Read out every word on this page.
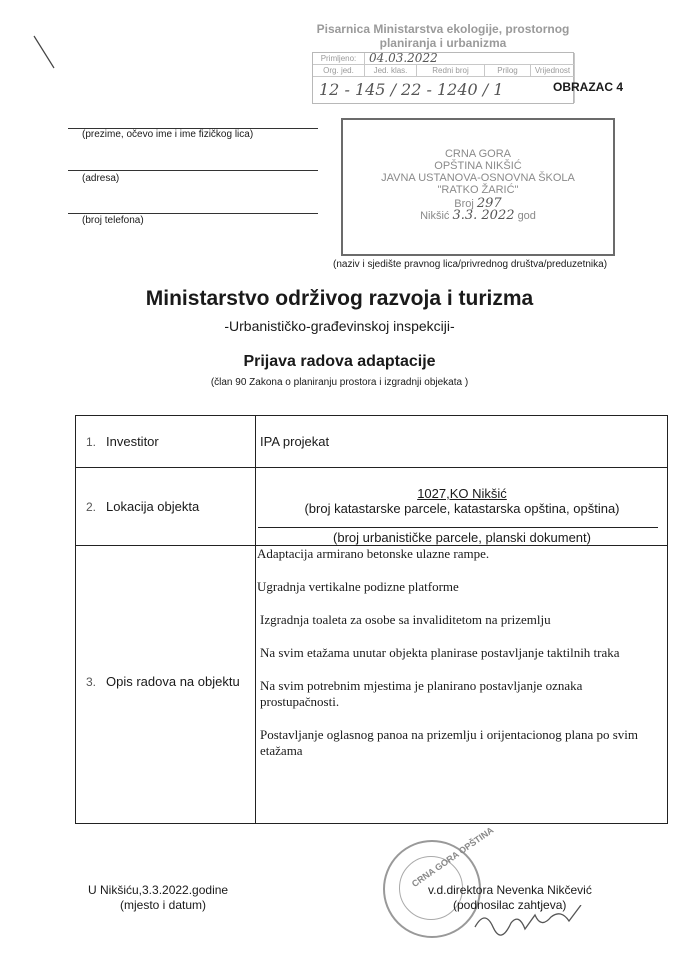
Pisarnica Ministarstva ekologije, prostornog
planiranja i urbanizma
Primljeno:	04.03.2022
Org. jed.	Jed. klas.	Redni broj	Prilog	Vrijednost
12 - 145 / 22 - 1240 / 1	OBRAZAC 4
(prezime, očevo ime i ime fizičkog lica)
(adresa)
(broj telefona)
CRNA GORA
OPŠTINA NIKŠIĆ
JAVNA USTANOVA-OSNOVNA ŠKOLA
"RATKO ŽARIĆ"
Broj 297
Nikšić 3.3. 2022 god
(naziv i sjedište pravnog lica/privrednog društva/preduzetnika)
Ministarstvo održivog razvoja i turizma
-Urbanističko-građevinskoj inspekciji-
Prijava radova adaptacije
(član 90 Zakona o planiranju prostora i izgradnji objekata )
1. Investitor	IPA projekat
2. Lokacija objekta
1027,KO Nikšić
(broj katastarske parcele, katastarska opština, opština)
(broj urbanističke parcele, planski dokument)
3. Opis radova na objektu

Adaptacija armirano betonske ulazne rampe.

Ugradnja vertikalne podizne platforme

Izgradnja toaleta za osobe sa invaliditetom na prizemlju

Na svim etažama unutar objekta planirase postavljanje taktilnih traka

Na svim potrebnim mjestima je planirano postavljanje oznaka prostupačnosti.

Postavljanje oglasnog panoa na prizemlju i orijentacionog plana po svim etažama

U Nikšiću,3.3.2022.godine
(mjesto i datum)
CRNA GORA OPŠTINA
v.d.direktora Nevenka Nikčević
(podnosilac zahtjeva)
